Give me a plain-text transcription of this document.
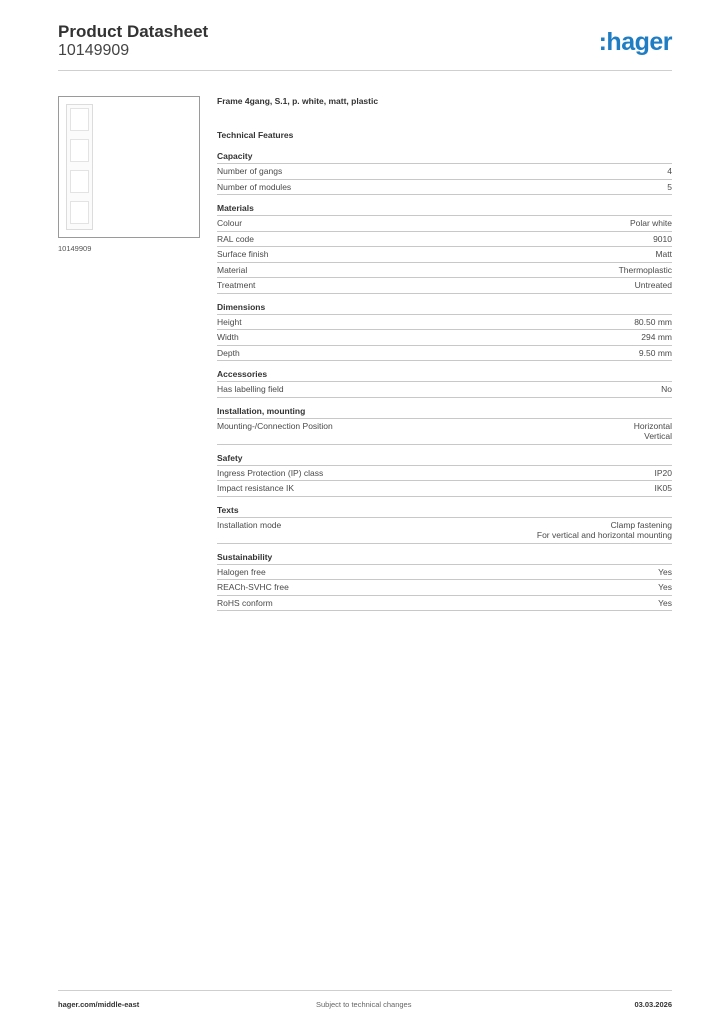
Product Datasheet
10149909	:hager
10149909
Frame 4gang, S.1, p. white, matt, plastic
Technical Features
Capacity
Number of gangs	4
Number of modules	5
Materials
Colour	Polar white
RAL code	9010
Surface finish	Matt
Material	Thermoplastic
Treatment	Untreated
Dimensions
Height	80.50 mm
Width	294 mm
Depth	9.50 mm
Accessories
Has labelling field	No
Installation, mounting
Mounting-/Connection Position	Horizontal
Vertical
Safety
Ingress Protection (IP) class	IP20
Impact resistance IK	IK05
Texts
Installation mode	Clamp fastening
For vertical and horizontal mounting
Sustainability
Halogen free	Yes
REACh-SVHC free	Yes
RoHS conform	Yes
hager.com/middle-east	Subject to technical changes	03.03.2026
